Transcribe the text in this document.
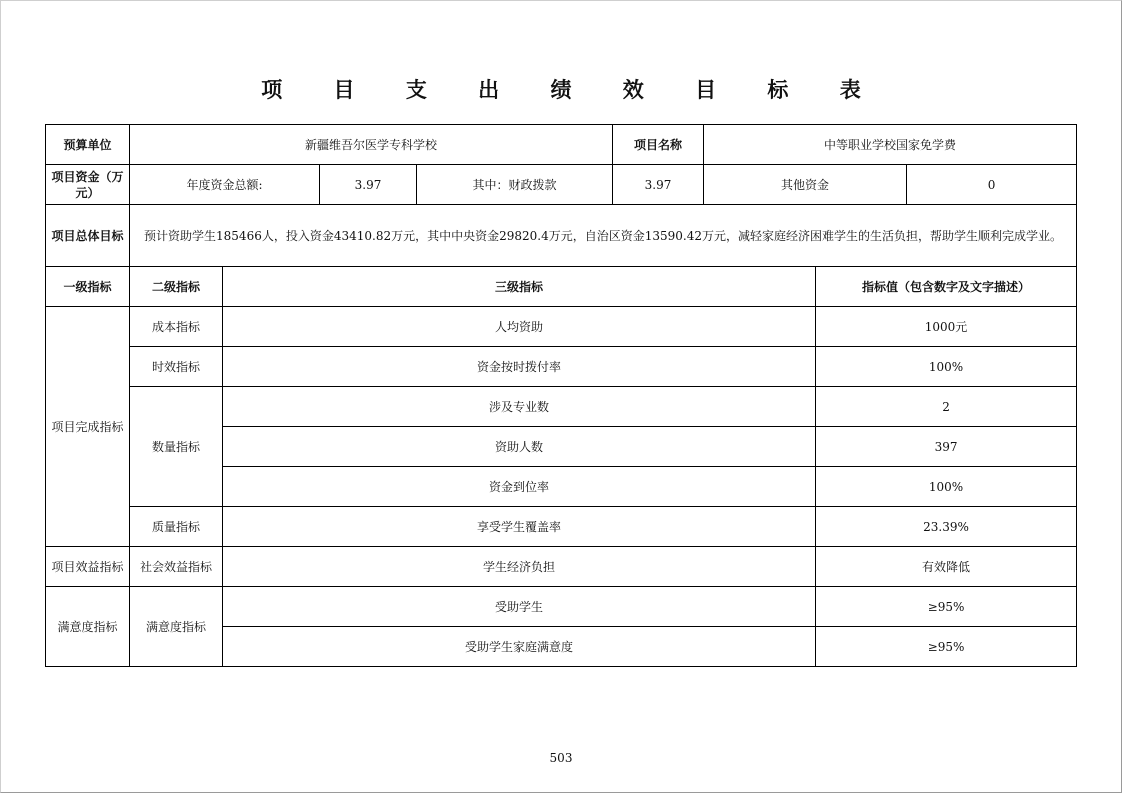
项 目 支 出 绩 效 目 标 表
预算单位	新疆维吾尔医学专科学校				项目名称	中等职业学校国家免学费		
项目资金（万元）	年度资金总额:		3.97	其中：财政拨款	3.97	其他资金		0
项目总体目标	预计资助学生185466人，投入资金43410.82万元，其中中央资金29820.4万元，自治区资金13590.42万元，减轻家庭经济困难学生的生活负担，帮助学生顺利完成学业。							
一级指标	二级指标	三级指标					指标值（包含数字及文字描述）	
项目完成指标	成本指标	人均资助					1000元	
	时效指标	资金按时拨付率					100%	
	数量指标	涉及专业数					2	
		资助人数					397	
		资金到位率					100%	
	质量指标	享受学生覆盖率					23.39%	
项目效益指标	社会效益指标	学生经济负担					有效降低	
满意度指标	满意度指标	受助学生					≥95%	
		受助学生家庭满意度					≥95%	
503
